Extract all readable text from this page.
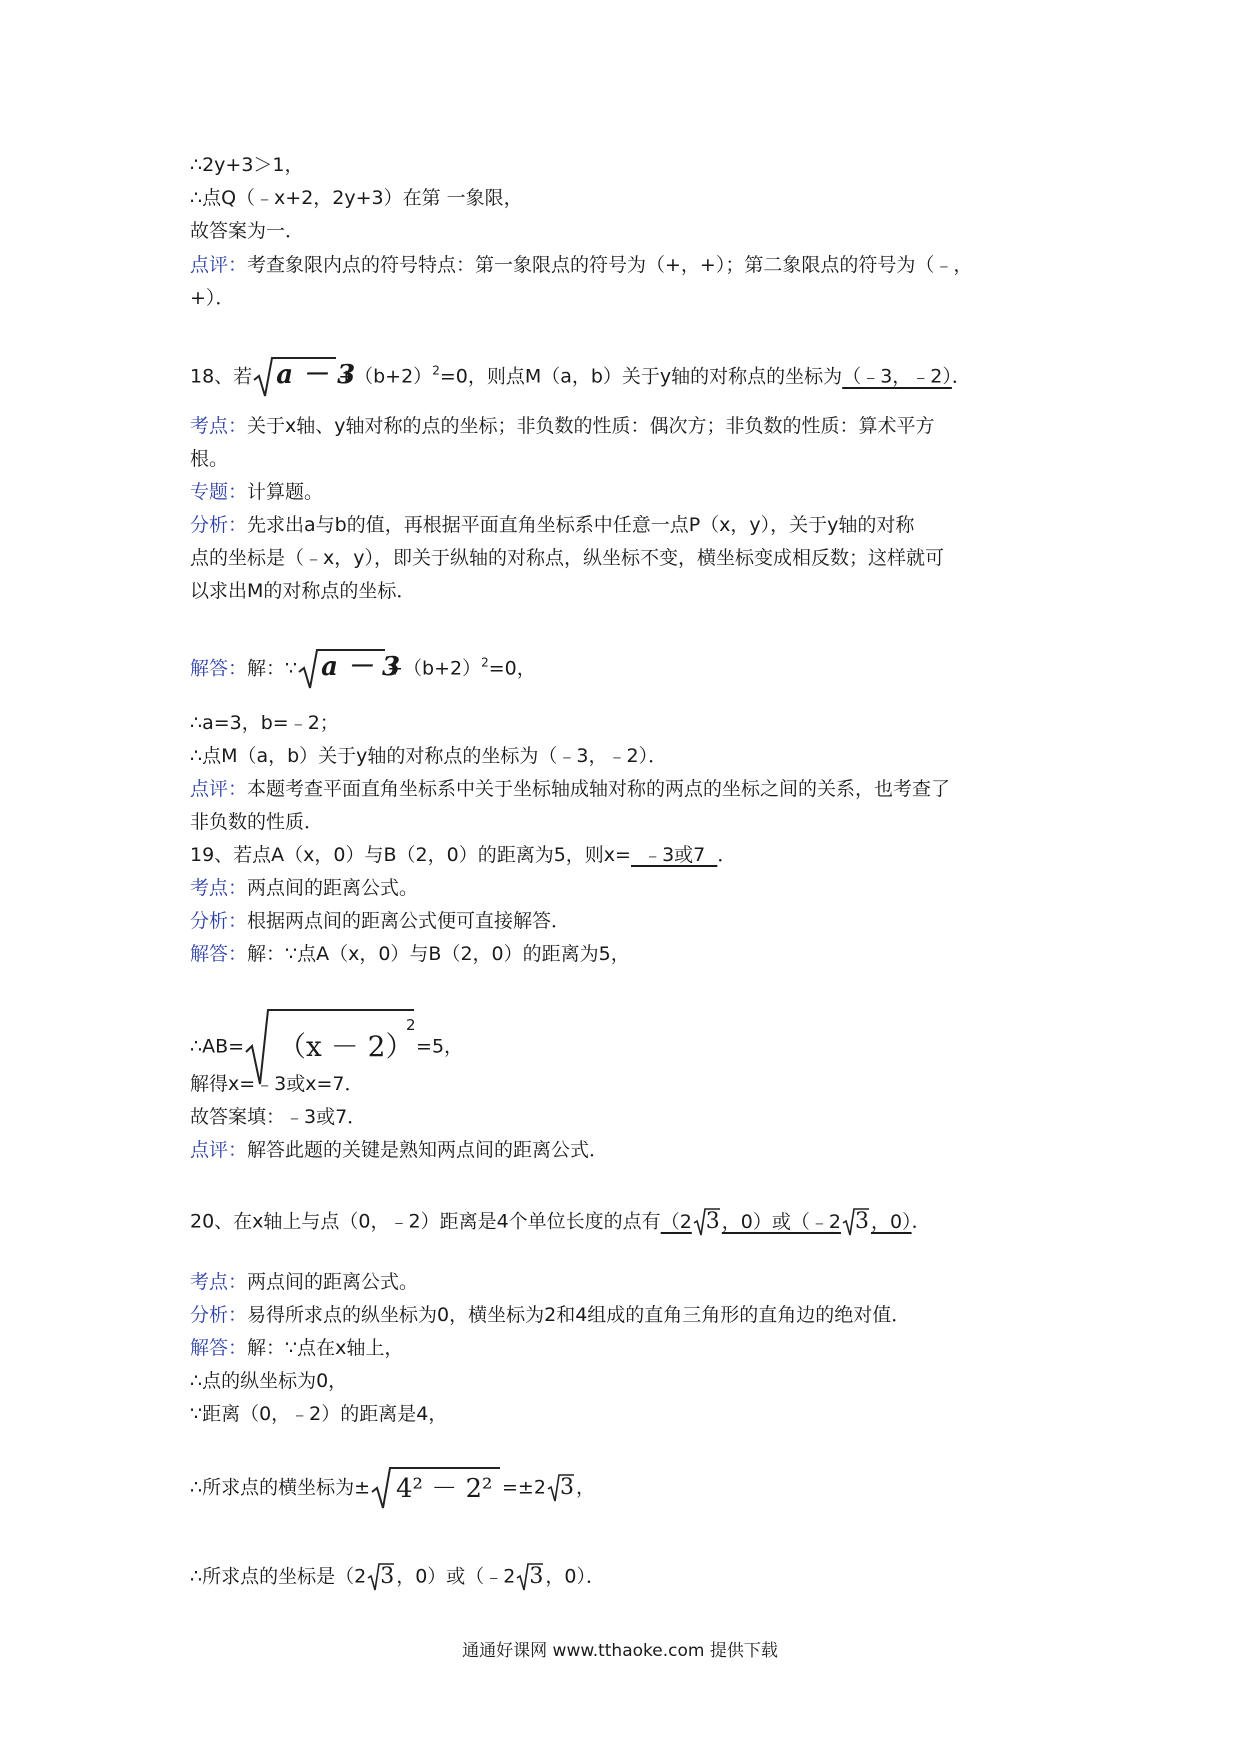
∴2y+3＞1，
∴点Q（﹣x+2，2y+3）在第 一象限，
故答案为一．
点评：考查象限内点的符号特点：第一象限点的符号为（+，+）；第二象限点的符号为（﹣，
+）．
18、若 a － 3
$+(b+2)^2=0$，则点M（a，b）关于y轴的对称点的坐标为（﹣3，﹣2）．
考点：关于x轴、y轴对称的点的坐标；非负数的性质：偶次方；非负数的性质：算术平方
根。
专题：计算题。
分析：先求出a与b的值，再根据平面直角坐标系中任意一点P（x，y），关于y轴的对称
点的坐标是（﹣x，y），即关于纵轴的对称点，纵坐标不变，横坐标变成相反数；这样就可
以求出M的对称点的坐标．
解答：解：∵ a － 3
$+(b+2)^2=0$，
∴a=3，b=﹣2；
∴点M（a，b）关于y轴的对称点的坐标为（﹣3，﹣2）．
点评：本题考查平面直角坐标系中关于坐标轴成轴对称的两点的坐标之间的关系，也考查了
非负数的性质．
19、若点A（x，0）与B（2，0）的距离为5，则x=  ﹣3或7  ．
考点：两点间的距离公式。
分析：根据两点间的距离公式便可直接解答．
解答：解：∵点A（x，0）与B（2，0）的距离为5，
∴AB= （x － 2）
2
=5，
解得x=﹣3或x=7．
故答案填：﹣3或7．
点评：解答此题的关键是熟知两点间的距离公式．
20、在x轴上与点（0，﹣2）距离是4个单位长度的点有（2 3 ，0）或（﹣2 3 ，0）．
考点：两点间的距离公式。
分析：易得所求点的纵坐标为0，横坐标为2和4组成的直角三角形的直角边的绝对值．
解答：解：∵点在x轴上，
∴点的纵坐标为0，
∵距离（0，﹣2）的距离是4，
∴所求点的横坐标为± 4² － 2² =±2 3 ，
∴所求点的坐标是（2 3 ，0）或（﹣2 3 ，0）．
通通好课网 www.tthaoke.com 提供下载
